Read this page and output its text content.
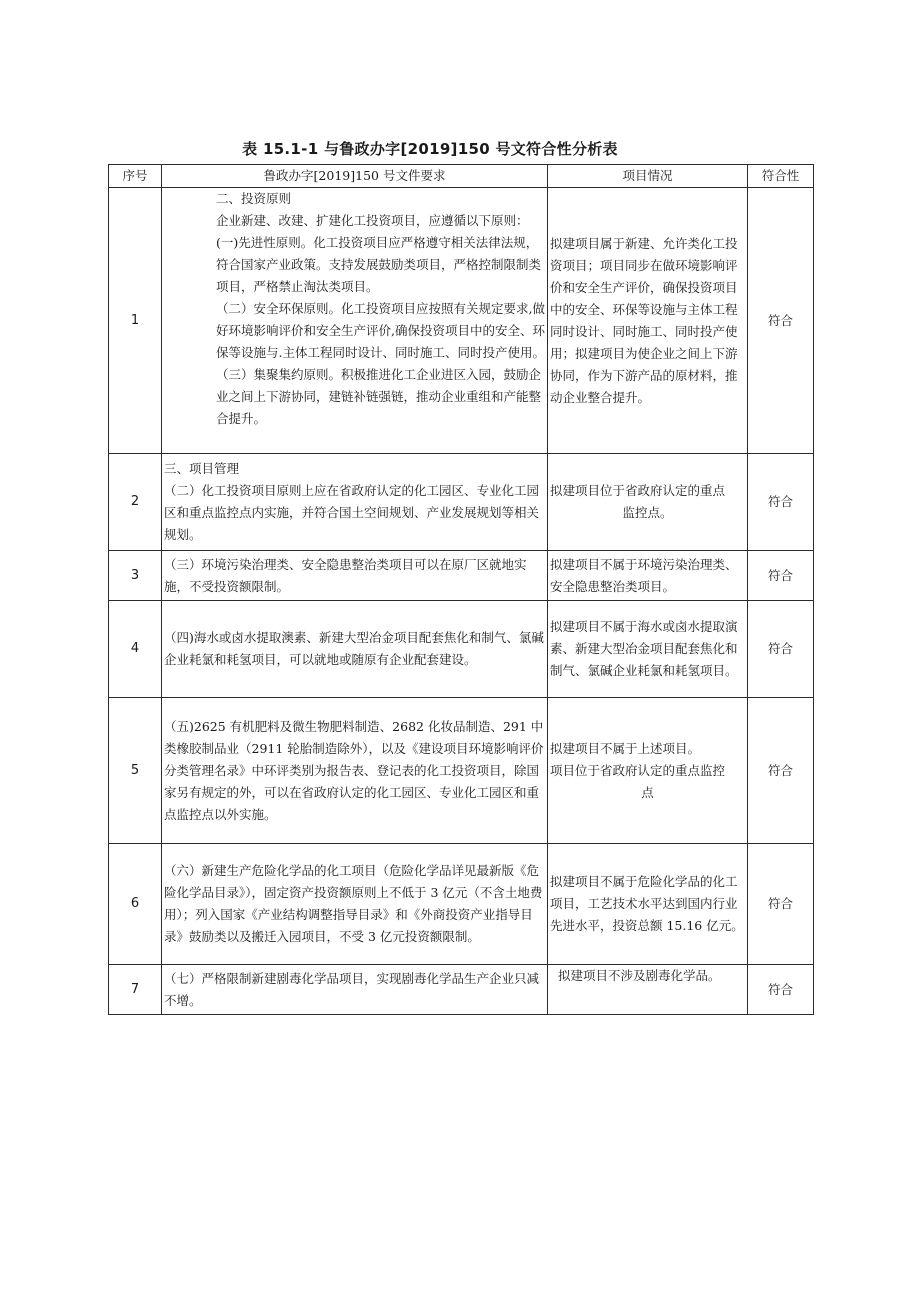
表 15.1-1 与鲁政办字[2019]150 号文符合性分析表
序号	鲁政办字[2019]150 号文件要求	项目情况	符合性
1	二、投资原则
企业新建、改建、扩建化工投资项目，应遵循以下原则：(一)先进性原则。化工投资项目应严格遵守相关法律法规，符合国家产业政策。支持发展鼓励类项目，严格控制限制类项目，严格禁止淘汰类项目。
（二）安全环保原则。化工投资项目应按照有关规定要求,做好环境影响评价和安全生产评价,确保投资项目中的安全、环保等设施与.主体工程同时设计、同时施工、同时投产使用。
（三）集聚集约原则。积极推进化工企业进区入园，鼓励企业之间上下游协同，建链补链强链，推动企业重组和产能整合提升。	拟建项目属于新建、允许类化工投资项目；项目同步在做环境影响评价和安全生产评价，确保投资项目中的安全、环保等设施与主体工程同时设计、同时施工、同时投产使用；拟建项目为使企业之间上下游协同，作为下游产品的原材料，推动企业整合提升。	符合
2	三、项目管理
（二）化工投资项目原则上应在省政府认定的化工园区、专业化工园区和重点监控点内实施，并符合国土空间规划、产业发展规划等相关规划。	拟建项目位于省政府认定的重点
监控点。	符合
3	（三）环境污染治理类、安全隐患整治类项目可以在原厂区就地实施，不受投资额限制。	拟建项目不属于环境污染治理类、安全隐患整治类项目。	符合
4	（四)海水或卤水提取澳素、新建大型冶金项目配套焦化和制气、氯碱企业耗氯和耗氢项目，可以就地或随原有企业配套建设。	拟建项目不属于海水或卤水提取演素、新建大型冶金项目配套焦化和制气、氯碱企业耗氯和耗氢项目。	符合
5	（五)2625 有机肥料及微生物肥料制造、2682 化妆品制造、291 中类橡胶制品业（2911 轮胎制造除外），以及《建设项目环境影响评价分类管理名录》中环评类别为报告表、登记表的化工投资项目，除国家另有规定的外，可以在省政府认定的化工园区、专业化工园区和重点监控点以外实施。	拟建项目不属于上述项目。
项目位于省政府认定的重点监控
点	符合
6	（六）新建生产危险化学品的化工项目（危险化学品详见最新版《危险化学品目录》），固定资产投资额原则上不低于 3 亿元（不含土地费用）；列入国家《产业结构调整指导目录》和《外商投资产业指导目录》鼓励类以及搬迁入园项目，不受 3 亿元投资额限制。	拟建项目不属于危险化学品的化工项目，工艺技术水平达到国内行业先进水平，投资总额 15.16 亿元。	符合
7	（七）严格限制新建剧毒化学品项目，实现剧毒化学品生产企业只减不增。	拟建项目不涉及剧毒化学品。	符合
